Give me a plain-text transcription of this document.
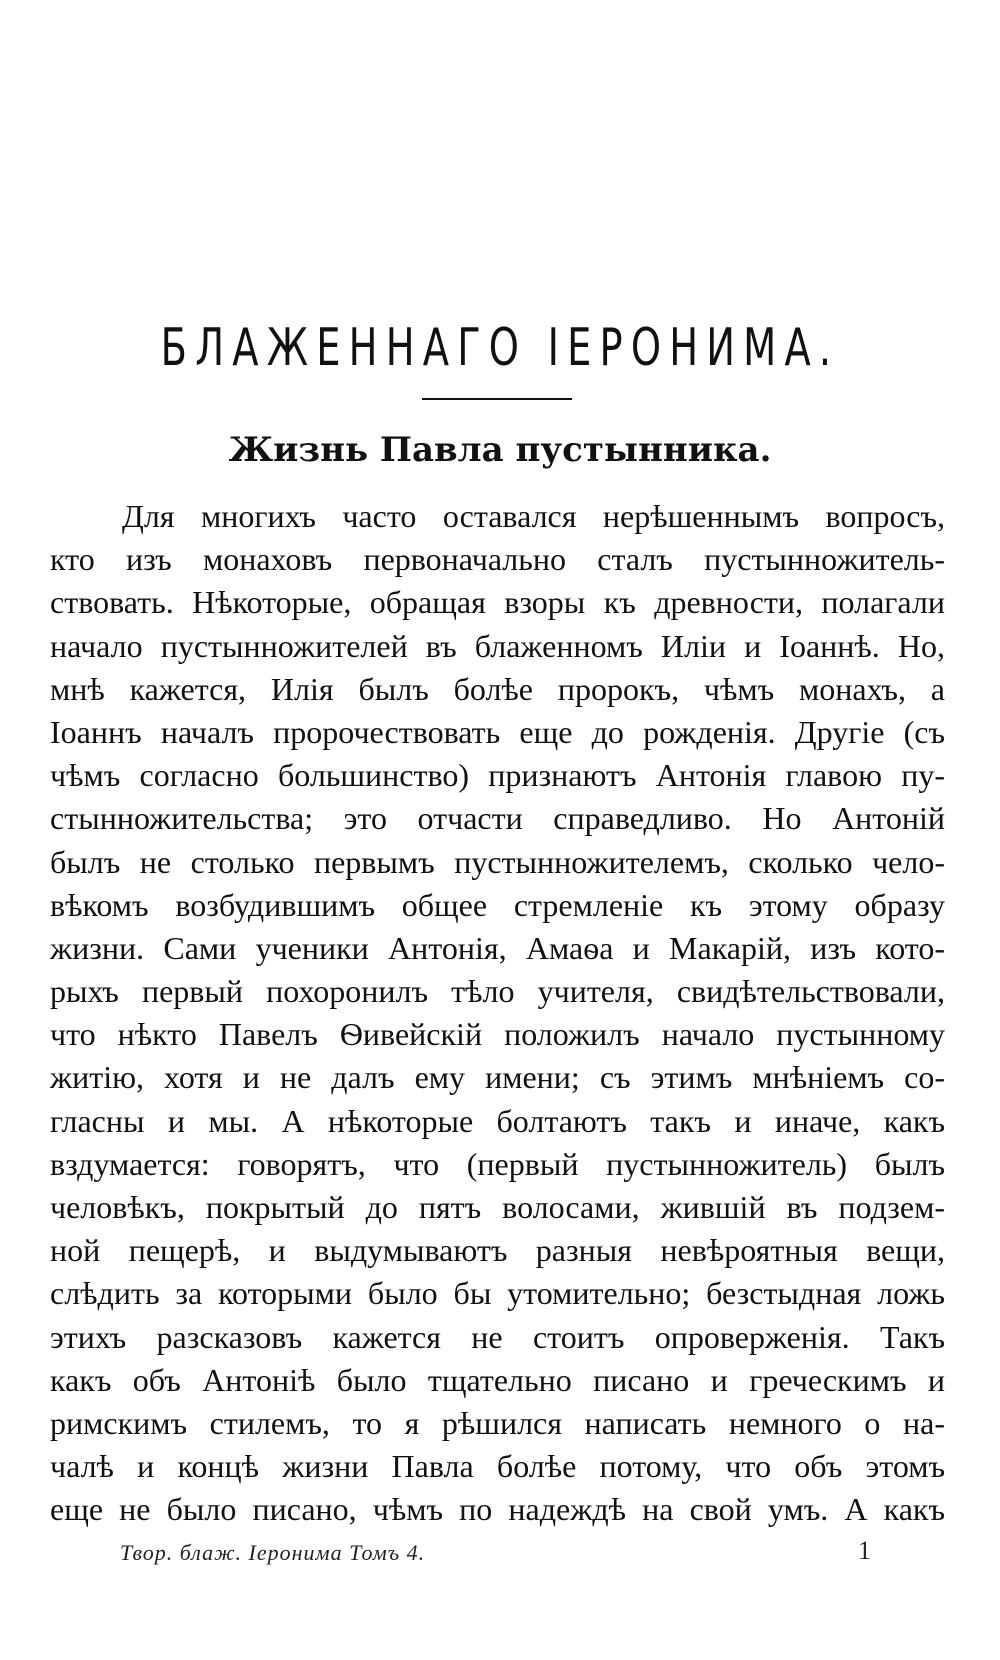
БЛАЖЕННАГО ІЕРОНИМА.
Жизнь Павла пустынника.
Для многихъ часто оставался нерѣшеннымъ вопросъ,
кто изъ монаховъ первоначально сталъ пустынножитель-
ствовать. Нѣкоторые, обращая взоры къ древности, полагали
начало пустынножителей въ блаженномъ Иліи и Іоаннѣ. Но,
мнѣ кажется, Илія былъ болѣе пророкъ, чѣмъ монахъ, а
Іоаннъ началъ пророчествовать еще до рожденія. Другіе (съ
чѣмъ согласно большинство) признаютъ Антонія главою пу-
стынножительства; это отчасти справедливо. Но Антоній
былъ не столько первымъ пустынножителемъ, сколько чело-
вѣкомъ возбудившимъ общее стремленіе къ этому образу
жизни. Сами ученики Антонія, Амаѳа и Макарій, изъ кото-
рыхъ первый похоронилъ тѣло учителя, свидѣтельствовали,
что нѣкто Павелъ Ѳивейскій положилъ начало пустынному
житію, хотя и не далъ ему имени; съ этимъ мнѣніемъ со-
гласны и мы. А нѣкоторые болтаютъ такъ и иначе, какъ
вздумается: говорятъ, что (первый пустынножитель) былъ
человѣкъ, покрытый до пятъ волосами, жившій въ подзем-
ной пещерѣ, и выдумываютъ разныя невѣроятныя вещи,
слѣдить за которыми было бы утомительно; безстыдная ложь
этихъ разсказовъ кажется не стоитъ опроверженія. Такъ
какъ объ Антоніѣ было тщательно писано и греческимъ и
римскимъ стилемъ, то я рѣшился написать немного о на-
чалѣ и концѣ жизни Павла болѣе потому, что объ этомъ
еще не было писано, чѣмъ по надеждѣ на свой умъ. А какъ
Твор. блаж. Іеронима Томъ 4.	1
